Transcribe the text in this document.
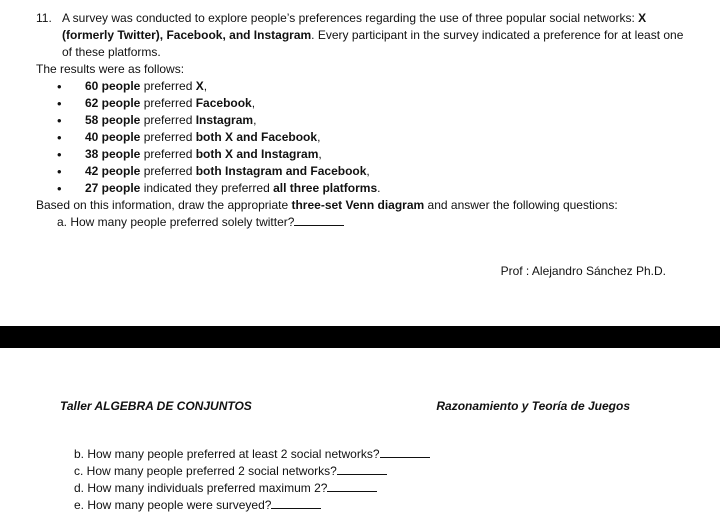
11. A survey was conducted to explore people’s preferences regarding the use of three popular social networks: X (formerly Twitter), Facebook, and Instagram. Every participant in the survey indicated a preference for at least one of these platforms.
The results were as follows:
•	60 people preferred X,
•	62 people preferred Facebook,
•	58 people preferred Instagram,
•	40 people preferred both X and Facebook,
•	38 people preferred both X and Instagram,
•	42 people preferred both Instagram and Facebook,
•	27 people indicated they preferred all three platforms.
Based on this information, draw the appropriate three-set Venn diagram and answer the following questions:
a. How many people preferred solely twitter?
Prof : Alejandro Sánchez Ph.D.
Taller ALGEBRA DE CONJUNTOS	Razonamiento y Teoría de Juegos
b. How many people preferred at least 2 social networks?
c. How many people preferred 2 social networks?
d. How many individuals preferred maximum 2?
e. How many people were surveyed?
